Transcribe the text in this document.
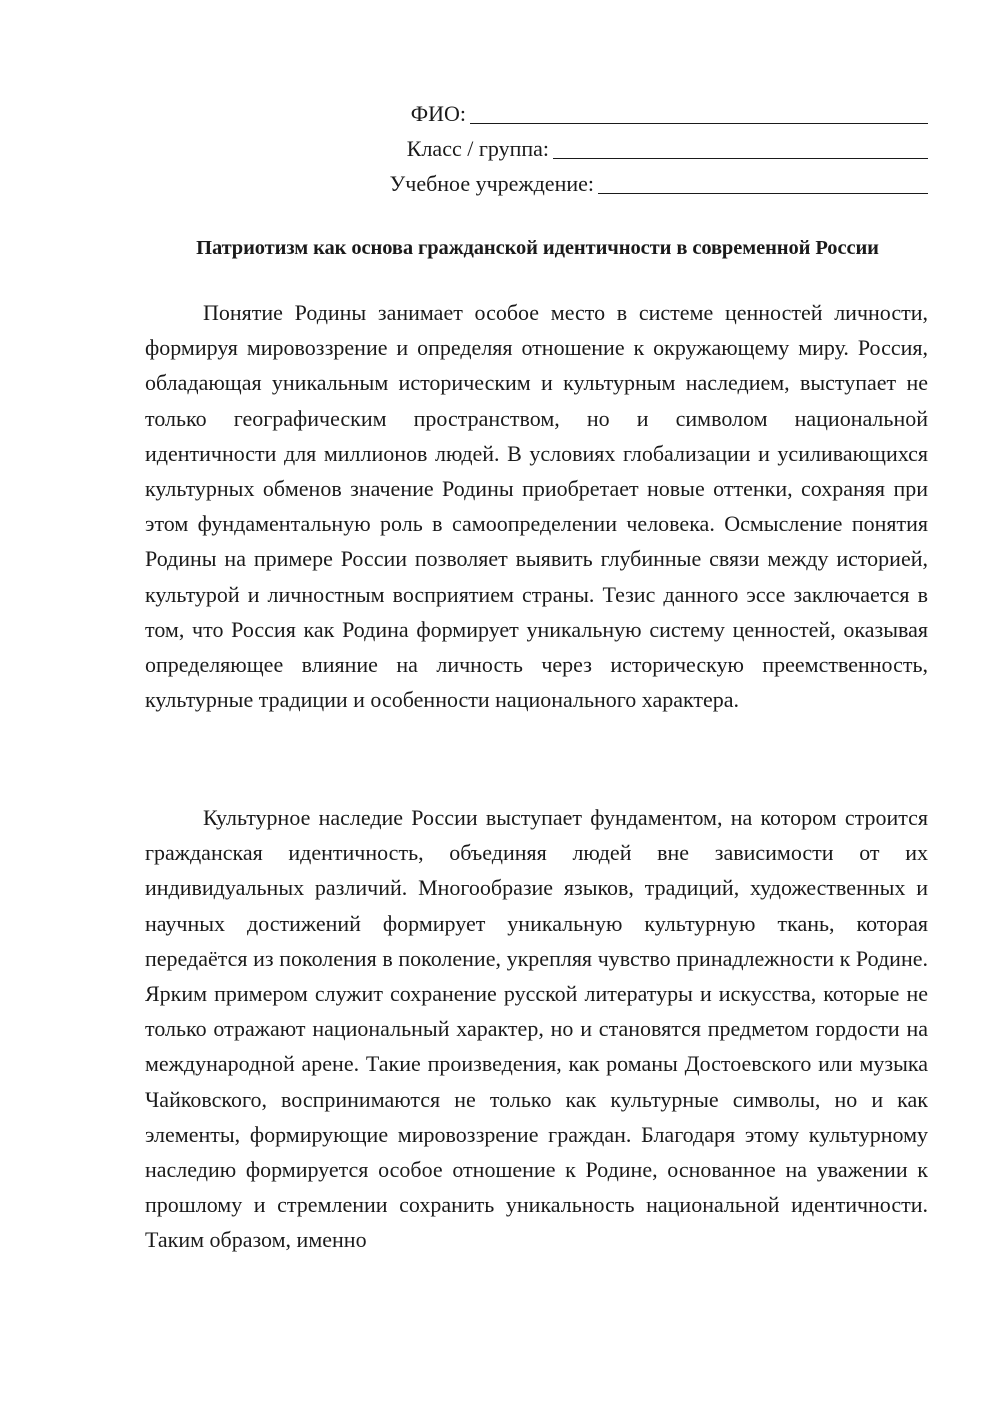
ФИО:
Класс / группа:
Учебное учреждение:
Патриотизм как основа гражданской идентичности в современной России

Понятие Родины занимает особое место в системе ценностей личности, формируя мировоззрение и определяя отношение к окружающему миру. Россия, обладающая уникальным историческим и культурным наследием, выступает не только географическим пространством, но и символом национальной идентичности для миллионов людей. В условиях глобализации и усиливающихся культурных обменов значение Родины приобретает новые оттенки, сохраняя при этом фундаментальную роль в самоопределении человека. Осмысление понятия Родины на примере России позволяет выявить глубинные связи между историей, культурой и личностным восприятием страны. Тезис данного эссе заключается в том, что Россия как Родина формирует уникальную систему ценностей, оказывая определяющее влияние на личность через историческую преемственность, культурные традиции и особенности национального характера.

Культурное наследие России выступает фундаментом, на котором строится гражданская идентичность, объединяя людей вне зависимости от их индивидуальных различий. Многообразие языков, традиций, художественных и научных достижений формирует уникальную культурную ткань, которая передаётся из поколения в поколение, укрепляя чувство принадлежности к Родине. Ярким примером служит сохранение русской литературы и искусства, которые не только отражают национальный характер, но и становятся предметом гордости на международной арене. Такие произведения, как романы Достоевского или музыка Чайковского, воспринимаются не только как культурные символы, но и как элементы, формирующие мировоззрение граждан. Благодаря этому культурному наследию формируется особое отношение к Родине, основанное на уважении к прошлому и стремлении сохранить уникальность национальной идентичности. Таким образом, именно
